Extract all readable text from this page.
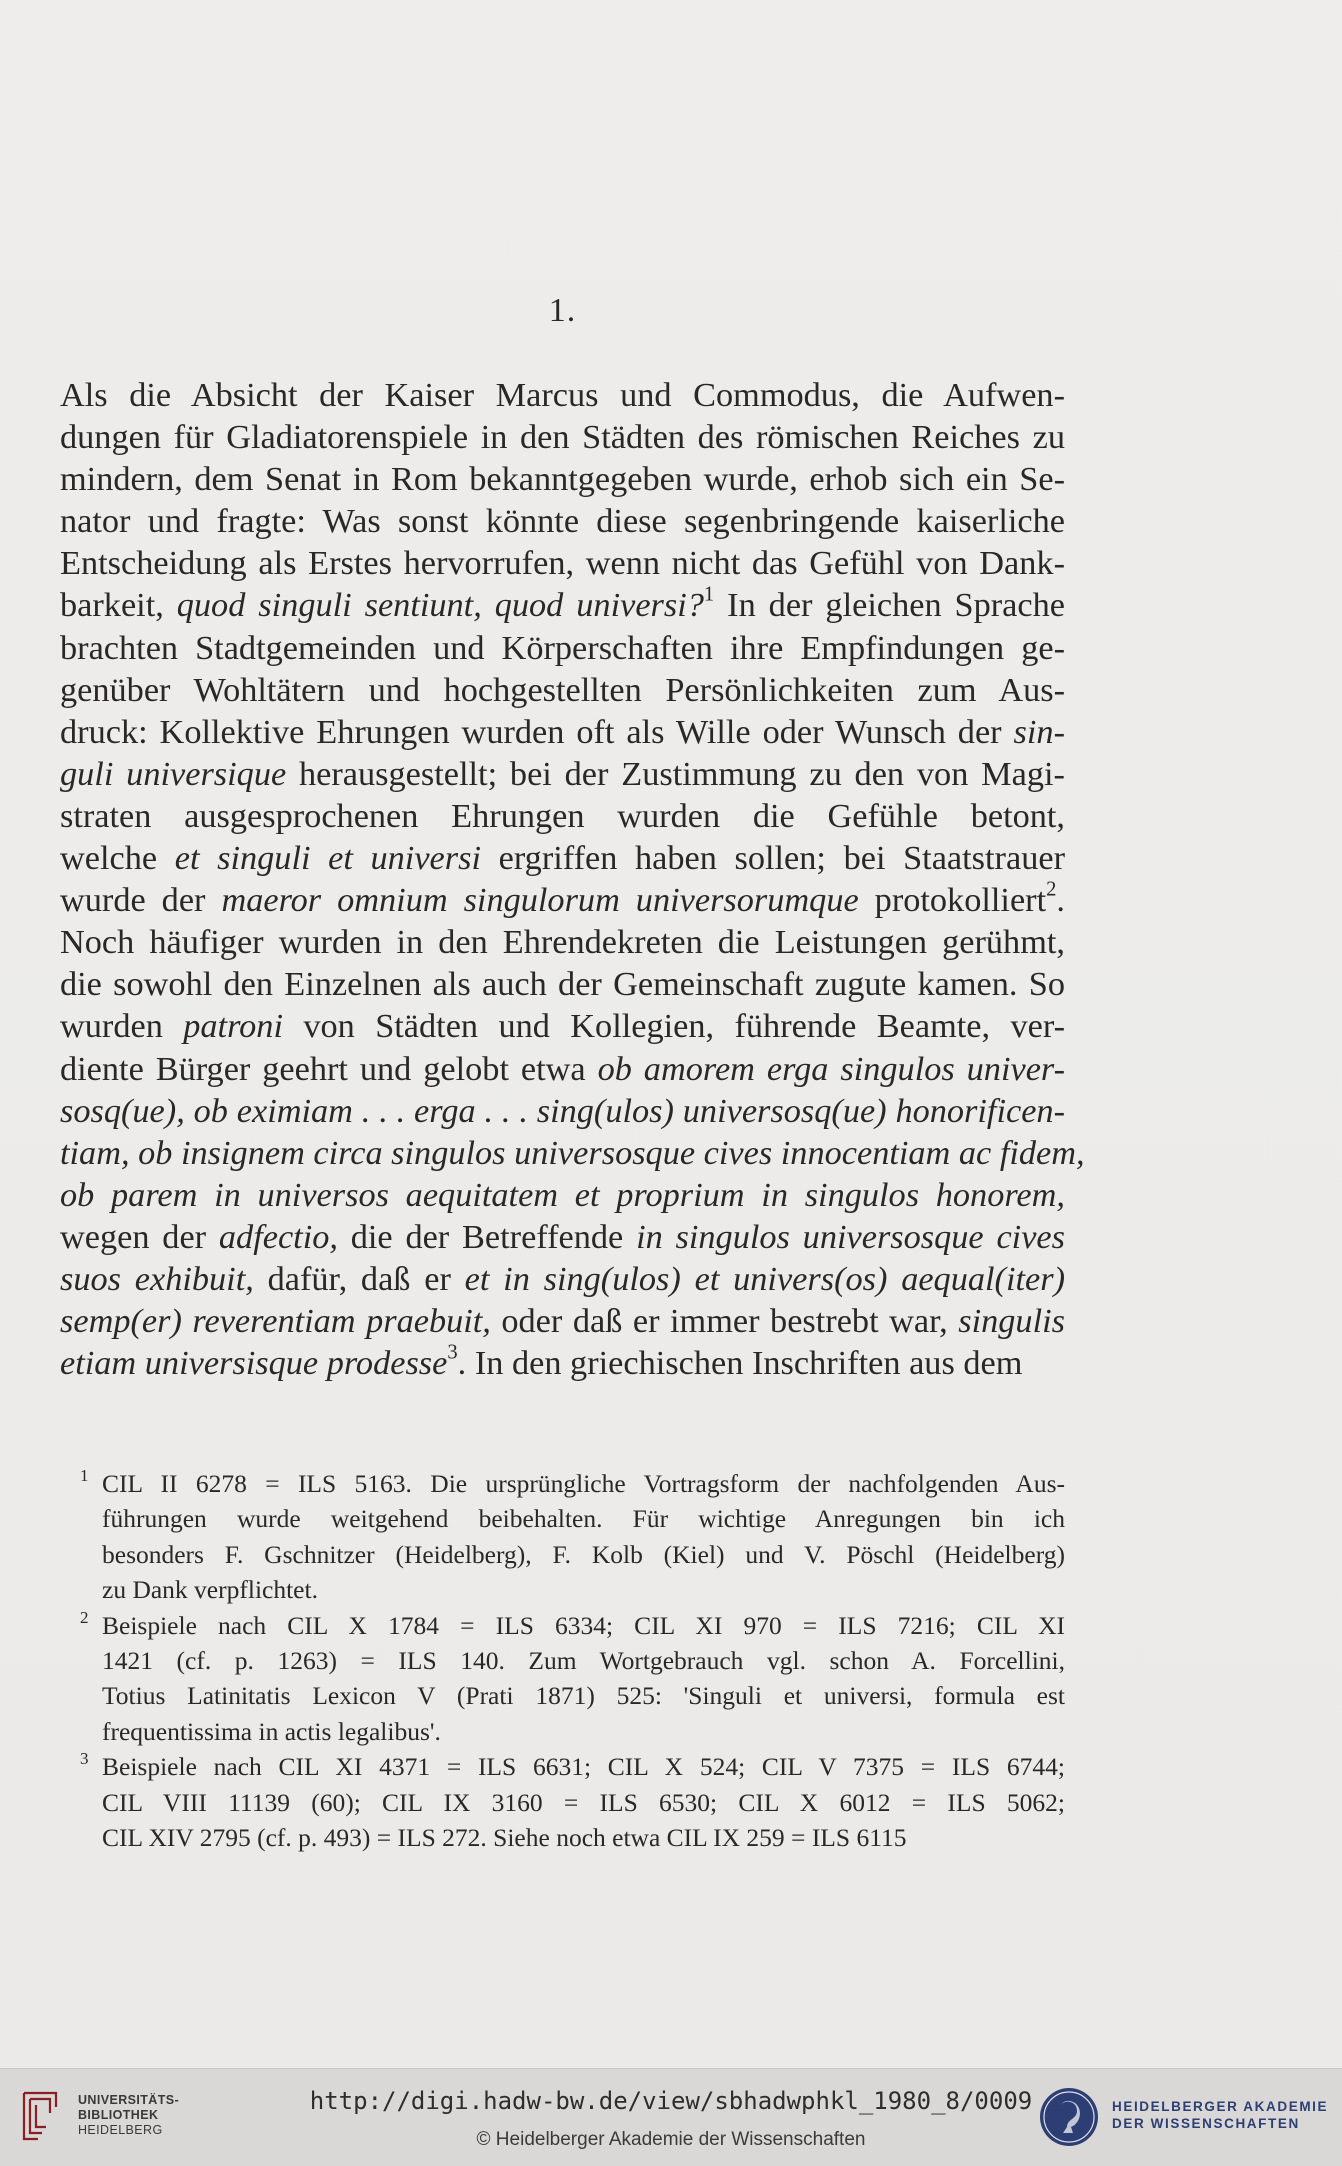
1.

Als die Absicht der Kaiser Marcus und Commodus, die Aufwen-
dungen für Gladiatorenspiele in den Städten des römischen Reiches zu
mindern, dem Senat in Rom bekanntgegeben wurde, erhob sich ein Se-
nator und fragte: Was sonst könnte diese segenbringende kaiserliche
Entscheidung als Erstes hervorrufen, wenn nicht das Gefühl von Dank-
barkeit, quod singuli sentiunt, quod universi?$^1$ In der gleichen Sprache
brachten Stadtgemeinden und Körperschaften ihre Empfindungen ge-
genüber Wohltätern und hochgestellten Persönlichkeiten zum Aus-
druck: Kollektive Ehrungen wurden oft als Wille oder Wunsch der sin-
guli universique herausgestellt; bei der Zustimmung zu den von Magi-
straten ausgesprochenen Ehrungen wurden die Gefühle betont,
welche et singuli et universi ergriffen haben sollen; bei Staatstrauer
wurde der maeror omnium singulorum universorumque protokolliert$^2$.
Noch häufiger wurden in den Ehrendekreten die Leistungen gerühmt,
die sowohl den Einzelnen als auch der Gemeinschaft zugute kamen. So
wurden patroni von Städten und Kollegien, führende Beamte, ver-
diente Bürger geehrt und gelobt etwa ob amorem erga singulos univer-
sosq(ue), ob eximiam . . . erga . . . sing(ulos) universosq(ue) honorificen-
tiam, ob insignem circa singulos universosque cives innocentiam ac fidem,
ob parem in universos aequitatem et proprium in singulos honorem,
wegen der adfectio, die der Betreffende in singulos universosque cives
suos exhibuit, dafür, daß er et in sing(ulos) et univers(os) aequal(iter)
semp(er) reverentiam praebuit, oder daß er immer bestrebt war, singulis
etiam universisque prodesse$^3$. In den griechischen Inschriften aus dem

1 CIL II 6278 = ILS 5163. Die ursprüngliche Vortragsform der nachfolgenden Aus-
führungen wurde weitgehend beibehalten. Für wichtige Anregungen bin ich
besonders F. Gschnitzer (Heidelberg), F. Kolb (Kiel) und V. Pöschl (Heidelberg)
zu Dank verpflichtet.
2 Beispiele nach CIL X 1784 = ILS 6334; CIL XI 970 = ILS 7216; CIL XI
1421 (cf. p. 1263) = ILS 140. Zum Wortgebrauch vgl. schon A. Forcellini,
Totius Latinitatis Lexicon V (Prati 1871) 525: 'Singuli et universi, formula est
frequentissima in actis legalibus'.
3 Beispiele nach CIL XI 4371 = ILS 6631; CIL X 524; CIL V 7375 = ILS 6744;
CIL VIII 11139 (60); CIL IX 3160 = ILS 6530; CIL X 6012 = ILS 5062;
CIL XIV 2795 (cf. p. 493) = ILS 272. Siehe noch etwa CIL IX 259 = ILS 6115
UNIVERSITÄTS-
BIBLIOTHEK
HEIDELBERG
http://digi.hadw-bw.de/view/sbhadwphkl_1980_8/0009
© Heidelberger Akademie der Wissenschaften
HEIDELBERGER AKADEMIE
DER WISSENSCHAFTEN
